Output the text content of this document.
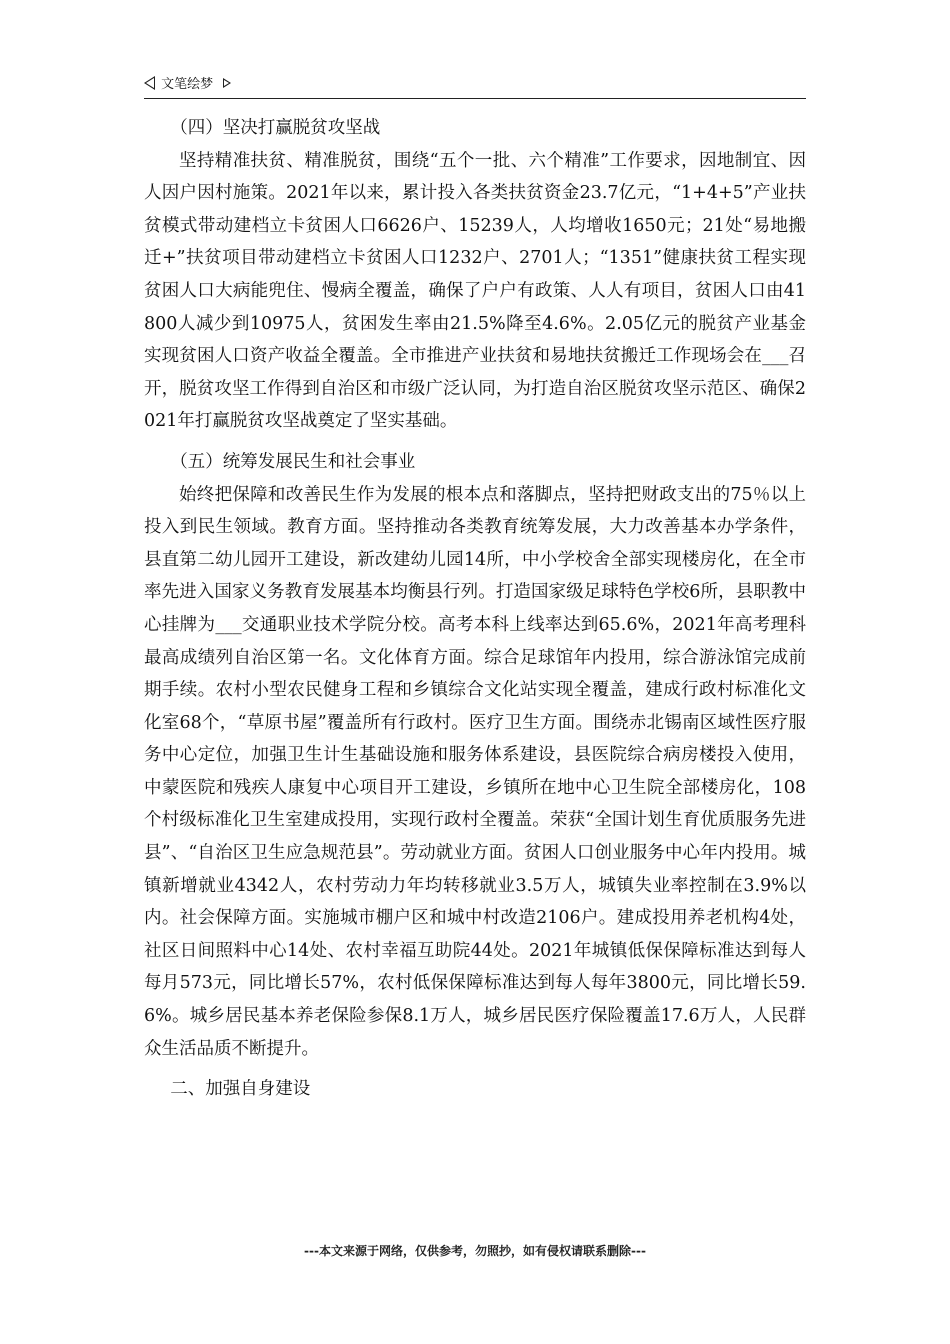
文笔绘梦

（四）坚决打赢脱贫攻坚战

坚持精准扶贫、精准脱贫，围绕“五个一批、六个精准”工作要求，因地制宜、因人因户因村施策。2021年以来，累计投入各类扶贫资金23.7亿元，“1+4+5”产业扶贫模式带动建档立卡贫困人口6626户、15239人，人均增收1650元；21处“易地搬迁+”扶贫项目带动建档立卡贫困人口1232户、2701人；“1351”健康扶贫工程实现贫困人口大病能兜住、慢病全覆盖，确保了户户有政策、人人有项目，贫困人口由41800人减少到10975人，贫困发生率由21.5%降至4.6%。2.05亿元的脱贫产业基金实现贫困人口资产收益全覆盖。全市推进产业扶贫和易地扶贫搬迁工作现场会在___召开，脱贫攻坚工作得到自治区和市级广泛认同，为打造自治区脱贫攻坚示范区、确保2021年打赢脱贫攻坚战奠定了坚实基础。

（五）统筹发展民生和社会事业

始终把保障和改善民生作为发展的根本点和落脚点，坚持把财政支出的75％以上投入到民生领域。教育方面。坚持推动各类教育统筹发展，大力改善基本办学条件，县直第二幼儿园开工建设，新改建幼儿园14所，中小学校舍全部实现楼房化，在全市率先进入国家义务教育发展基本均衡县行列。打造国家级足球特色学校6所，县职教中心挂牌为___交通职业技术学院分校。高考本科上线率达到65.6%，2021年高考理科最高成绩列自治区第一名。文化体育方面。综合足球馆年内投用，综合游泳馆完成前期手续。农村小型农民健身工程和乡镇综合文化站实现全覆盖，建成行政村标准化文化室68个，“草原书屋”覆盖所有行政村。医疗卫生方面。围绕赤北锡南区域性医疗服务中心定位，加强卫生计生基础设施和服务体系建设，县医院综合病房楼投入使用，中蒙医院和残疾人康复中心项目开工建设，乡镇所在地中心卫生院全部楼房化，108个村级标准化卫生室建成投用，实现行政村全覆盖。荣获“全国计划生育优质服务先进县”、“自治区卫生应急规范县”。劳动就业方面。贫困人口创业服务中心年内投用。城镇新增就业4342人，农村劳动力年均转移就业3.5万人，城镇失业率控制在3.9%以内。社会保障方面。实施城市棚户区和城中村改造2106户。建成投用养老机构4处，社区日间照料中心14处、农村幸福互助院44处。2021年城镇低保保障标准达到每人每月573元，同比增长57%，农村低保保障标准达到每人每年3800元，同比增长59.6%。城乡居民基本养老保险参保8.1万人，城乡居民医疗保险覆盖17.6万人，人民群众生活品质不断提升。

二、加强自身建设

---本文来源于网络，仅供参考，勿照抄，如有侵权请联系删除---
